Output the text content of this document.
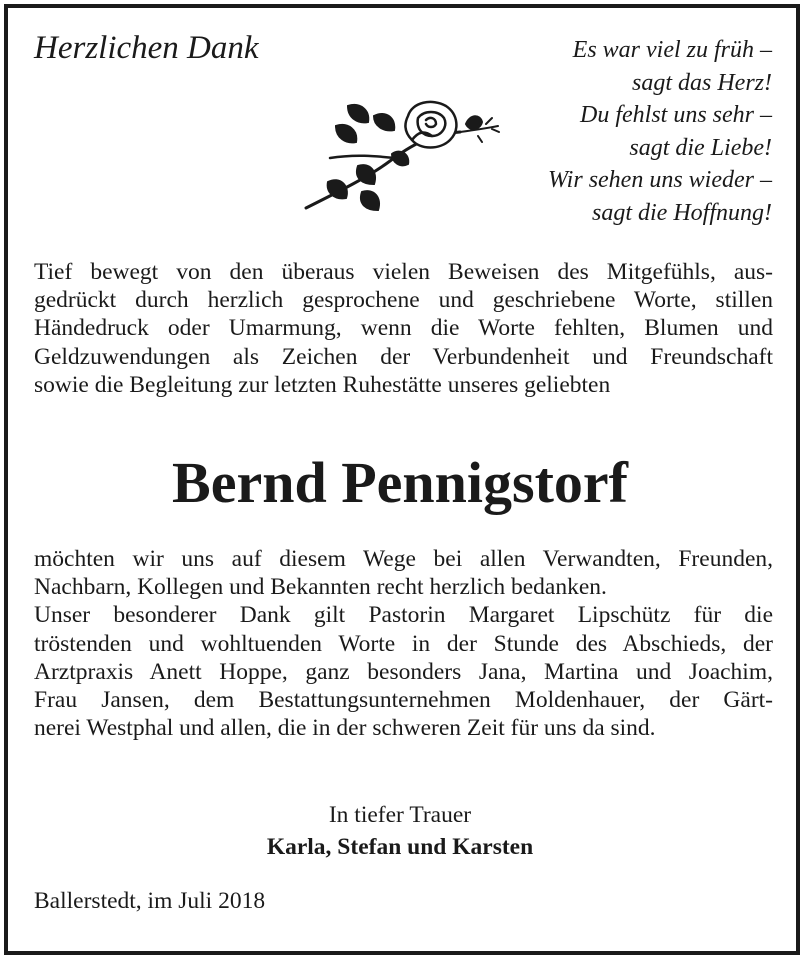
Herzlichen Dank	Es war viel zu früh –
sagt das Herz!
Du fehlst uns sehr –
sagt die Liebe!
Wir sehen uns wieder –
sagt die Hoffnung!
Tief bewegt von den überaus vielen Beweisen des Mitgefühls, aus-
gedrückt durch herzlich gesprochene und geschriebene Worte, stillen
Händedruck oder Umarmung, wenn die Worte fehlten, Blumen und
Geldzuwendungen als Zeichen der Verbundenheit und Freundschaft
sowie die Begleitung zur letzten Ruhestätte unseres geliebten
Bernd Pennigstorf
möchten wir uns auf diesem Wege bei allen Verwandten, Freunden,
Nachbarn, Kollegen und Bekannten recht herzlich bedanken.
Unser besonderer Dank gilt Pastorin Margaret Lipschütz für die
tröstenden und wohltuenden Worte in der Stunde des Abschieds, der
Arztpraxis Anett Hoppe, ganz besonders Jana, Martina und Joachim,
Frau Jansen, dem Bestattungsunternehmen Moldenhauer, der Gärt-
nerei Westphal und allen, die in der schweren Zeit für uns da sind.
In tiefer Trauer
Karla, Stefan und Karsten
Ballerstedt, im Juli 2018
